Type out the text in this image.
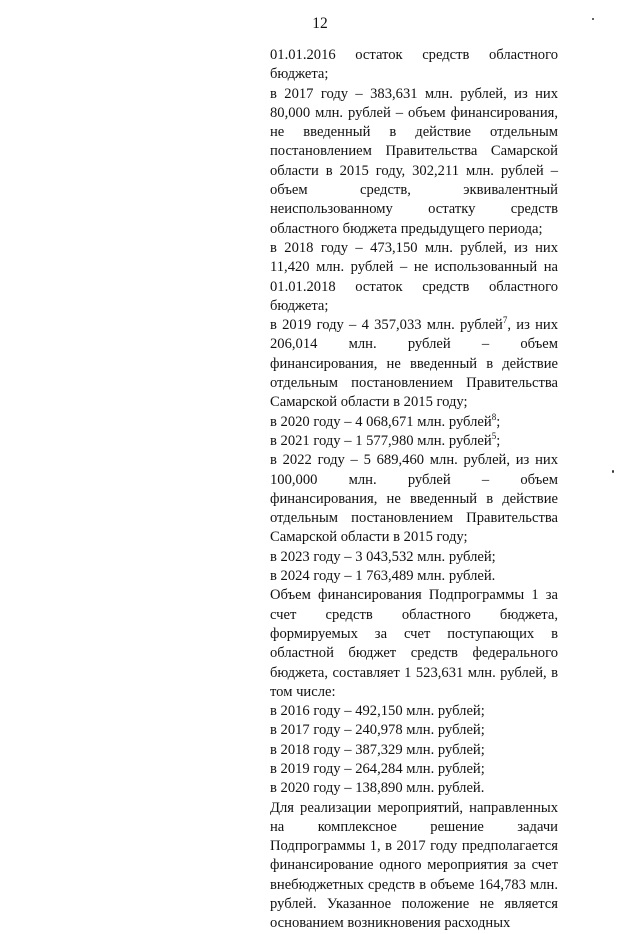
12

01.01.2016 остаток средств областного бюджета;

в 2017 году – 383,631 млн. рублей, из них 80,000 млн. рублей – объем финансирования, не введенный в действие отдельным постановлением Правительства Самарской области в 2015 году, 302,211 млн. рублей – объем средств, эквивалентный неиспользованному остатку средств областного бюджета предыдущего периода;

в 2018 году – 473,150 млн. рублей, из них 11,420 млн. рублей – не использованный на 01.01.2018 остаток средств областного бюджета;

в 2019 году – 4 357,033 млн. рублей$^7$, из них 206,014 млн. рублей – объем финансирования, не введенный в действие отдельным постановлением Правительства Самарской области в 2015 году;

в 2020 году – 4 068,671 млн. рублей$^8$;

в 2021 году – 1 577,980 млн. рублей$^5$;

в 2022 году – 5 689,460 млн. рублей, из них 100,000 млн. рублей – объем финансирования, не введенный в действие отдельным постановлением Правительства Самарской области в 2015 году;

в 2023 году – 3 043,532 млн. рублей;

в 2024 году – 1 763,489 млн. рублей.

Объем финансирования Подпрограммы 1 за счет средств областного бюджета, формируемых за счет поступающих в областной бюджет средств федерального бюджета, составляет 1 523,631 млн. рублей, в том числе:

в 2016 году – 492,150 млн. рублей;

в 2017 году – 240,978 млн. рублей;

в 2018 году – 387,329 млн. рублей;

в 2019 году – 264,284 млн. рублей;

в 2020 году – 138,890 млн. рублей.

Для реализации мероприятий, направленных на комплексное решение задачи Подпрограммы 1, в 2017 году предполагается финансирование одного мероприятия за счет внебюджетных средств в объеме 164,783 млн. рублей. Указанное положение не является основанием возникновения расходных
